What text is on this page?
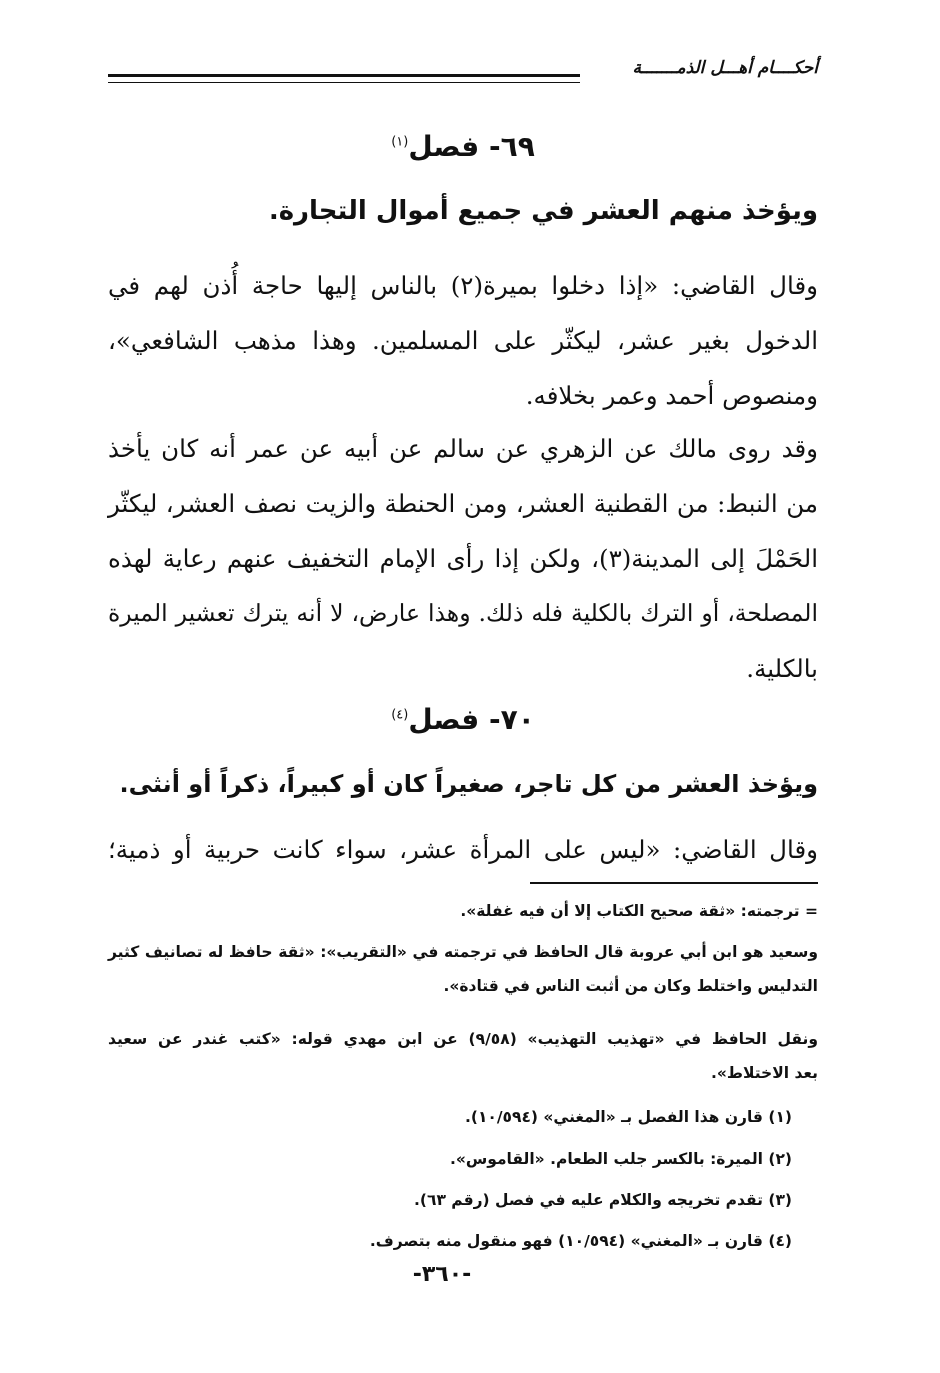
أحكــــام أهـــل الذمـــــــة
٦٩- فصل$^{(١)}$
ويؤخذ منهم العشر في جميع أموال التجارة.
وقال القاضي: «إذا دخلوا بميرة(٢) بالناس إليها حاجة أُذن لهم في
الدخول بغير عشر، ليكثّر على المسلمين. وهذا مذهب الشافعي»،
ومنصوص أحمد وعمر بخلافه.
وقد روى مالك عن الزهري عن سالم عن أبيه عن عمر أنه كان يأخذ
من النبط: من القطنية العشر، ومن الحنطة والزيت نصف العشر، ليكثّر
الحَمْلَ إلى المدينة(٣)، ولكن إذا رأى الإمام التخفيف عنهم رعاية لهذه
المصلحة، أو الترك بالكلية فله ذلك. وهذا عارض، لا أنه يترك تعشير الميرة
بالكلية.
٧٠- فصل$^{(٤)}$
ويؤخذ العشر من كل تاجر، صغيراً كان أو كبيراً، ذكراً أو أنثى.
وقال القاضي: «ليس على المرأة عشر، سواء كانت حربية أو ذمية؛
= ترجمته: «ثقة صحيح الكتاب إلا أن فيه غفلة».
وسعيد هو ابن أبي عروبة قال الحافظ في ترجمته في «التقريب»: «ثقة حافظ له تصانيف كثير
التدليس واختلط وكان من أثبت الناس في قتادة».
ونقل الحافظ في «تهذيب التهذيب» (٩/٥٨) عن ابن مهدي قوله: «كتب غندر عن سعيد
بعد الاختلاط».
(١) قارن هذا الفصل بـ «المغني» (١٠/٥٩٤).
(٢) الميرة: بالكسر جلب الطعام. «القاموس».
(٣) تقدم تخريجه والكلام عليه في فصل (رقم ٦٣).
(٤) قارن بـ «المغني» (١٠/٥٩٤) فهو منقول منه بتصرف.
-٣٦٠-
